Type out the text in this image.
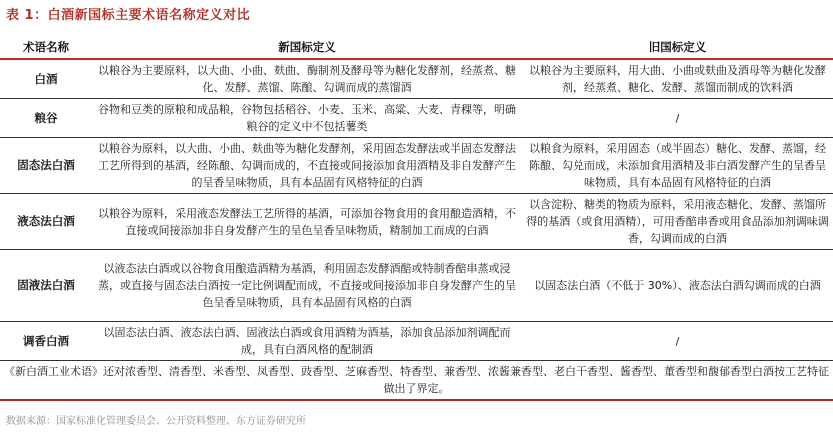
表 1：白酒新国标主要术语名称定义对比
术语名称	新国标定义	旧国标定义
白酒	以粮谷为主要原料，以大曲、小曲、麸曲、酶制剂及酵母等为糖化发酵剂，经蒸煮、糖化、发酵、蒸馏、陈酿、勾调而成的蒸馏酒	以粮谷为主要原料，用大曲、小曲或麸曲及酒母等为糖化发酵剂，经蒸煮、糖化、发酵、蒸馏而制成的饮料酒
粮谷	谷物和豆类的原粮和成品粮，谷物包括稻谷、小麦、玉米、高粱、大麦、青稞等，明确粮谷的定义中不包括薯类	/
固态法白酒	以粮谷为原料，以大曲、小曲、麸曲等为糖化发酵剂，采用固态发酵法或半固态发酵法工艺所得到的基酒，经陈酿、勾调而成的，不直接或间接添加食用酒精及非自发酵产生的呈香呈味物质，具有本品固有风格特征的白酒	以粮食为原料，采用固态（或半固态）糖化、发酵、蒸馏，经陈酿、勾兑而成，未添加食用酒精及非白酒发酵产生的呈香呈味物质，具有本品固有风格特征的白酒
液态法白酒	以粮谷为原料，采用液态发酵法工艺所得的基酒，可添加谷物食用的食用酿造酒精，不直接或间接添加非自身发酵产生的呈色呈香呈味物质，精制加工而成的白酒	以含淀粉、糖类的物质为原料，采用液态糖化、发酵、蒸馏所得的基酒（或食用酒精），可用香醅串香或用食品添加剂调味调香，勾调而成的白酒
固液法白酒	以液态法白酒或以谷物食用酿造酒精为基酒，利用固态发酵酒醅或特制香醅串蒸或浸蒸，或直接与固态法白酒按一定比例调配而成，不直接或间接添加非自身发酵产生的呈色呈香呈味物质，具有本品固有风格的白酒	以固态法白酒（不低于 30%）、液态法白酒勾调而成的白酒
调香白酒	以固态法白酒、液态法白酒、固液法白酒或食用酒精为酒基，添加食品添加剂调配而成，具有白酒风格的配制酒	/
《新白酒工业术语》还对浓香型、清香型、米香型、凤香型、豉香型、芝麻香型、特香型、兼香型、浓酱兼香型、老白干香型、酱香型、董香型和馥郁香型白酒按工艺特征做出了界定。		
数据来源：国家标准化管理委员会、公开资料整理、东方证券研究所
